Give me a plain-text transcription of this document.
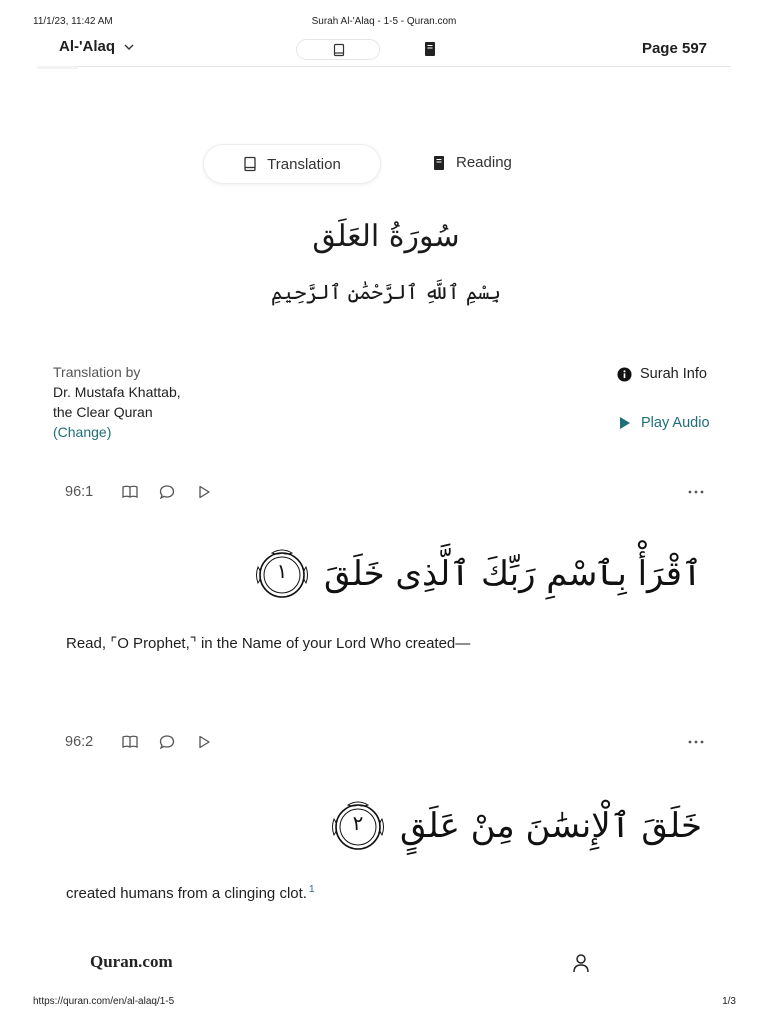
11/1/23, 11:42 AM	Surah Al-'Alaq - 1-5 - Quran.com
Al-'Alaq	Page 597
Translation	Reading
سُورَةُ العَلَق
بِسْمِ ٱللَّهِ ٱلرَّحْمَٰنِ ٱلرَّحِيمِ
Translation by
Dr. Mustafa Khattab,
the Clear Quran
(Change)
Surah Info
Play Audio
96:1
ٱقْرَأْ بِٱسْمِ رَبِّكَ ٱلَّذِى خَلَقَ
١
Read, ⌜O Prophet,⌝ in the Name of your Lord Who created—
96:2
خَلَقَ ٱلْإِنسَٰنَ مِنْ عَلَقٍ
٢
created humans from a clinging clot. $^1$
Quran.com
https://quran.com/en/al-alaq/1-5	1/3
